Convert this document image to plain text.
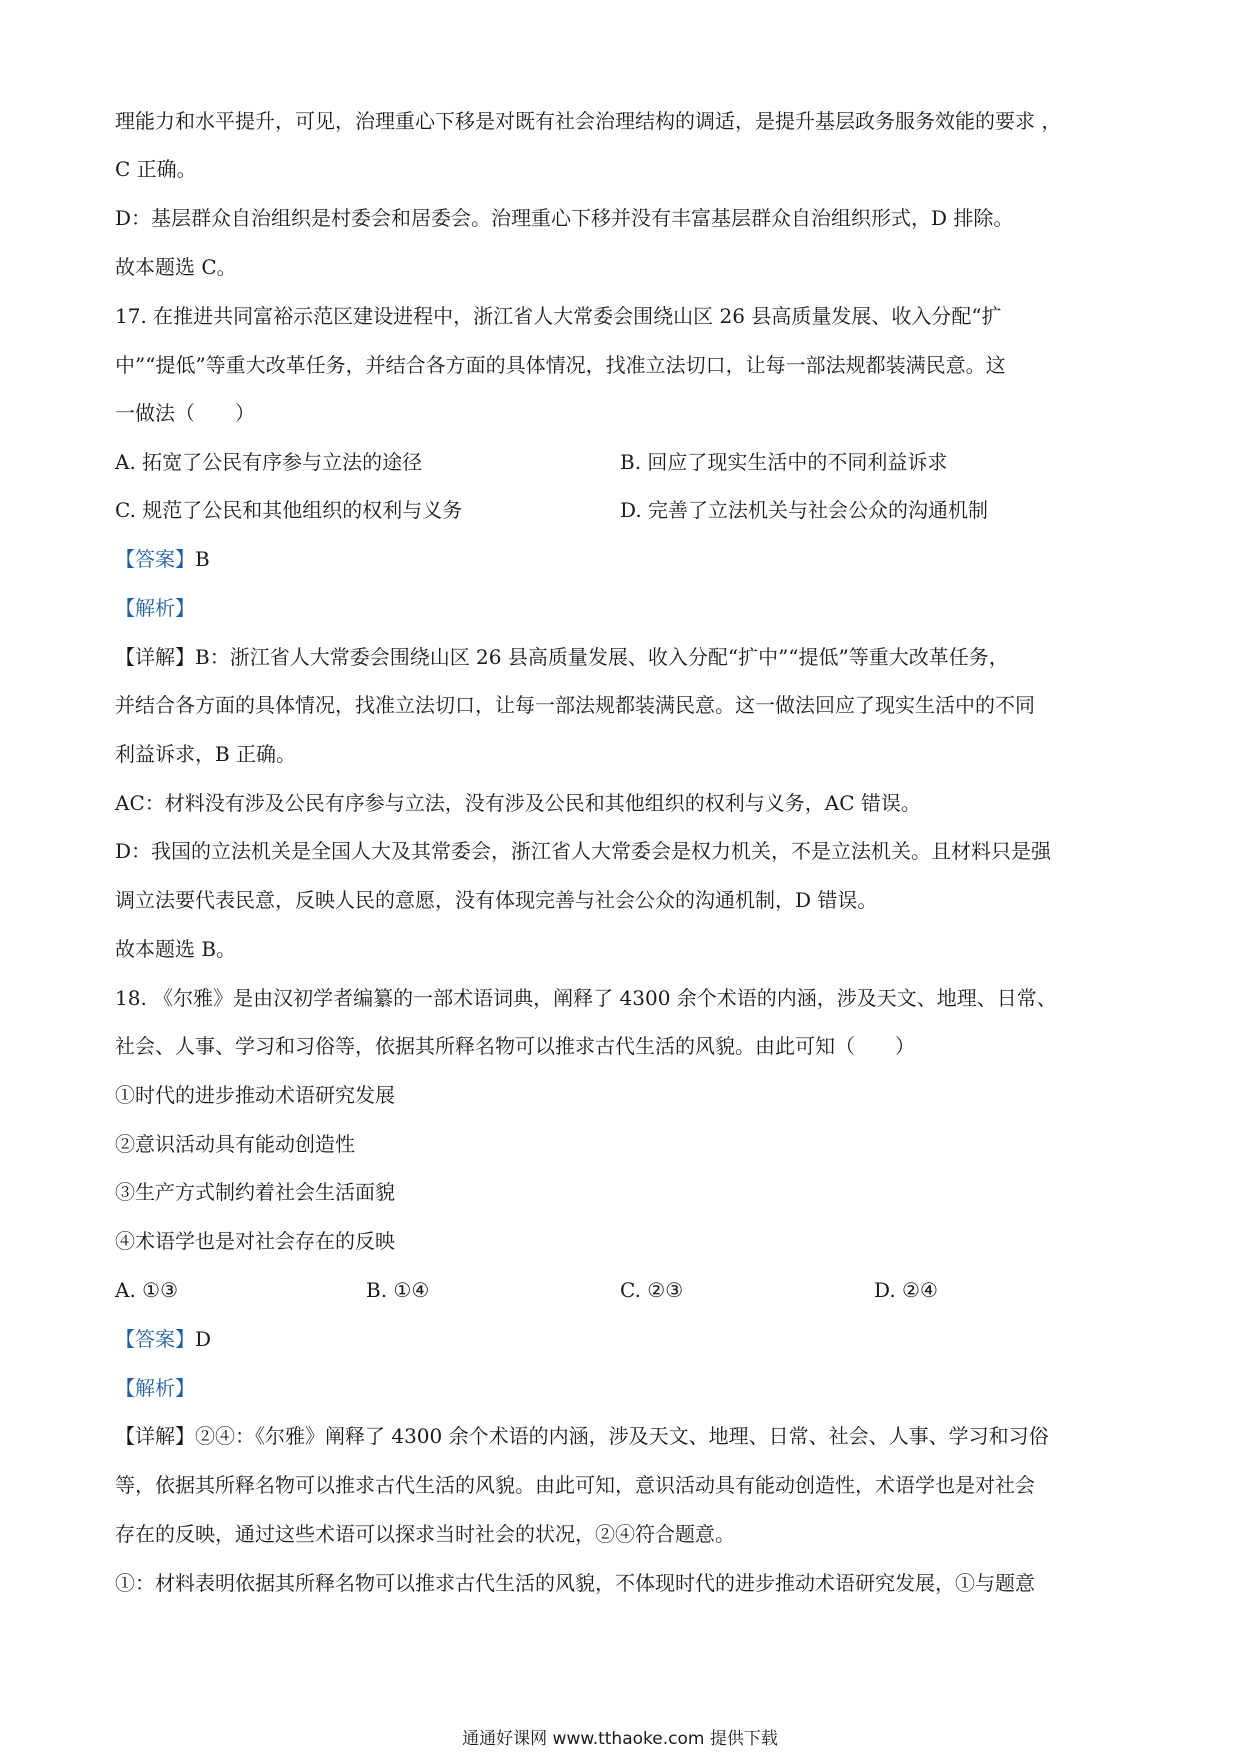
理能力和水平提升，可见，治理重心下移是对既有社会治理结构的调适，是提升基层政务服务效能的要求 ，
C 正确。
D：基层群众自治组织是村委会和居委会。治理重心下移并没有丰富基层群众自治组织形式，D 排除。
故本题选 C。
17. 在推进共同富裕示范区建设进程中，浙江省人大常委会围绕山区 26 县高质量发展、收入分配“扩
中”“提低”等重大改革任务，并结合各方面的具体情况，找准立法切口，让每一部法规都装满民意。这
一做法（　　）
A. 拓宽了公民有序参与立法的途径	B. 回应了现实生活中的不同利益诉求
C. 规范了公民和其他组织的权利与义务	D. 完善了立法机关与社会公众的沟通机制
【答案】B
【解析】
【详解】B：浙江省人大常委会围绕山区 26 县高质量发展、收入分配“扩中”“提低”等重大改革任务，
并结合各方面的具体情况，找准立法切口，让每一部法规都装满民意。这一做法回应了现实生活中的不同
利益诉求，B 正确。
AC：材料没有涉及公民有序参与立法，没有涉及公民和其他组织的权利与义务，AC 错误。
D：我国的立法机关是全国人大及其常委会，浙江省人大常委会是权力机关，不是立法机关。且材料只是强
调立法要代表民意，反映人民的意愿，没有体现完善与社会公众的沟通机制，D 错误。
故本题选 B。
18. 《尔雅》是由汉初学者编纂的一部术语词典，阐释了 4300 余个术语的内涵，涉及天文、地理、日常、
社会、人事、学习和习俗等，依据其所释名物可以推求古代生活的风貌。由此可知（　　）
①时代的进步推动术语研究发展
②意识活动具有能动创造性
③生产方式制约着社会生活面貌
④术语学也是对社会存在的反映
A. ①③	B. ①④	C. ②③	D. ②④
【答案】D
【解析】
【详解】②④：《尔雅》阐释了 4300 余个术语的内涵，涉及天文、地理、日常、社会、人事、学习和习俗
等，依据其所释名物可以推求古代生活的风貌。由此可知，意识活动具有能动创造性，术语学也是对社会
存在的反映，通过这些术语可以探求当时社会的状况，②④符合题意。
①：材料表明依据其所释名物可以推求古代生活的风貌，不体现时代的进步推动术语研究发展，①与题意
通通好课网 www.tthaoke.com 提供下载
